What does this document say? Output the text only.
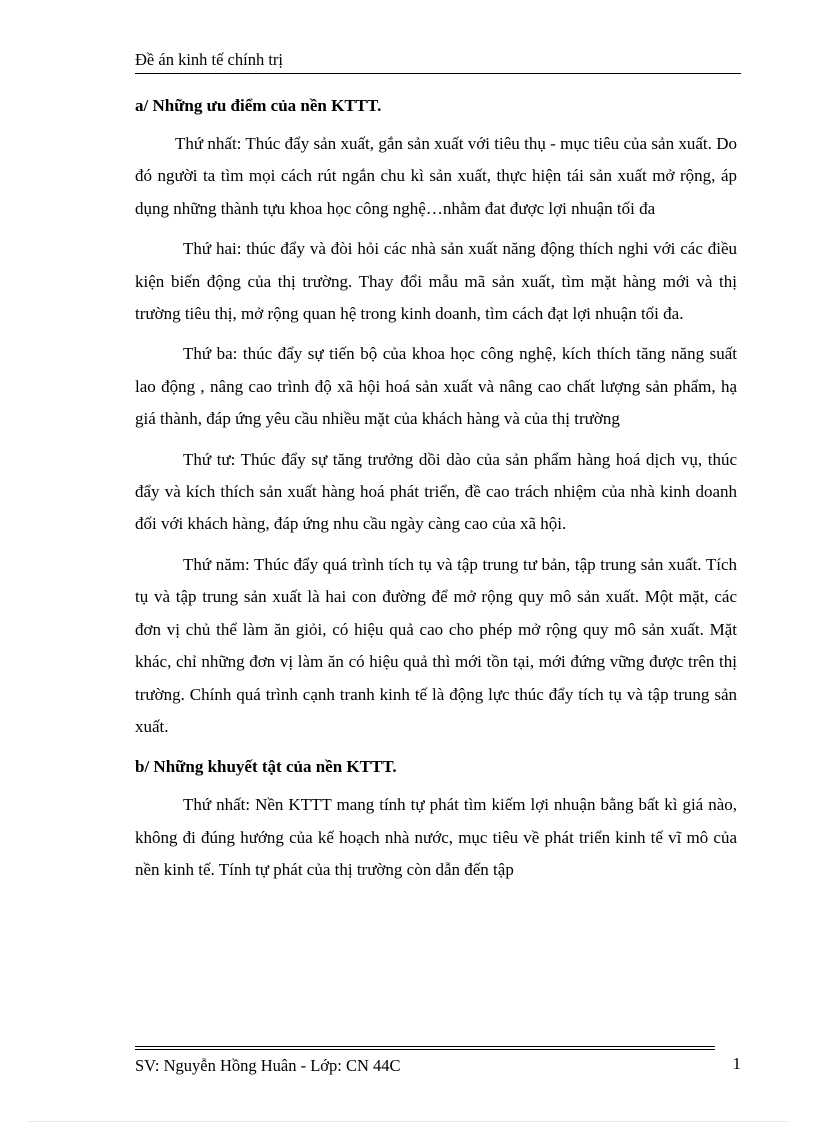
Đề án kinh tế chính trị
a/ Những ưu điểm của nền KTTT.

Thứ nhất: Thúc đẩy sản xuất, gắn sản xuất với tiêu thụ - mục tiêu của sản xuất. Do đó người ta tìm mọi cách rút ngắn chu kì sản xuất, thực hiện tái sản xuất mở rộng, áp dụng những thành tựu khoa học công nghệ…nhằm đat được lợi nhuận tối đa

Thứ hai: thúc đẩy và đòi hỏi các nhà sản xuất năng động thích nghi với các điều kiện biến động của thị trường. Thay đổi mẫu mã sản xuất, tìm mặt hàng mới và thị trường tiêu thị, mở rộng quan hệ trong kinh doanh, tìm cách đạt lợi nhuận tối đa.

Thứ ba: thúc đẩy sự tiến bộ của khoa học công nghệ, kích thích tăng năng suất lao động , nâng cao trình độ xã hội hoá sản xuất và nâng cao chất lượng sản phẩm, hạ giá thành, đáp ứng yêu cầu nhiều mặt của khách hàng và của thị trường

Thứ tư: Thúc đẩy sự tăng trưởng dồi dào của sản phẩm hàng hoá dịch vụ, thúc đẩy và kích thích sản xuất hàng hoá phát triển, đề cao trách nhiệm của nhà kinh doanh đối với khách hàng, đáp ứng nhu cầu ngày càng cao của xã hội.

Thứ năm: Thúc đẩy quá trình tích tụ và tập trung tư bản, tập trung sản xuất. Tích tụ và tập trung sản xuất là hai con đường để mở rộng quy mô sản xuất. Một mặt, các đơn vị chủ thể làm ăn giỏi, có hiệu quả cao cho phép mở rộng quy mô sản xuất. Mặt khác, chỉ những đơn vị làm ăn có hiệu quả thì mới tồn tại, mới đứng vững được trên thị trường. Chính quá trình cạnh tranh kinh tế là động lực thúc đẩy tích tụ và tập trung sản xuất.

b/ Những khuyết tật của nền KTTT.

Thứ nhất: Nền KTTT mang tính tự phát tìm kiếm lợi nhuận bằng bất kì giá nào, không đi đúng hướng của kế hoạch nhà nước, mục tiêu về phát triển kinh tế vĩ mô của nền kinh tế. Tính tự phát của thị trường còn dẫn đến tập

SV: Nguyễn Hồng Huân - Lớp: CN 44C	1
